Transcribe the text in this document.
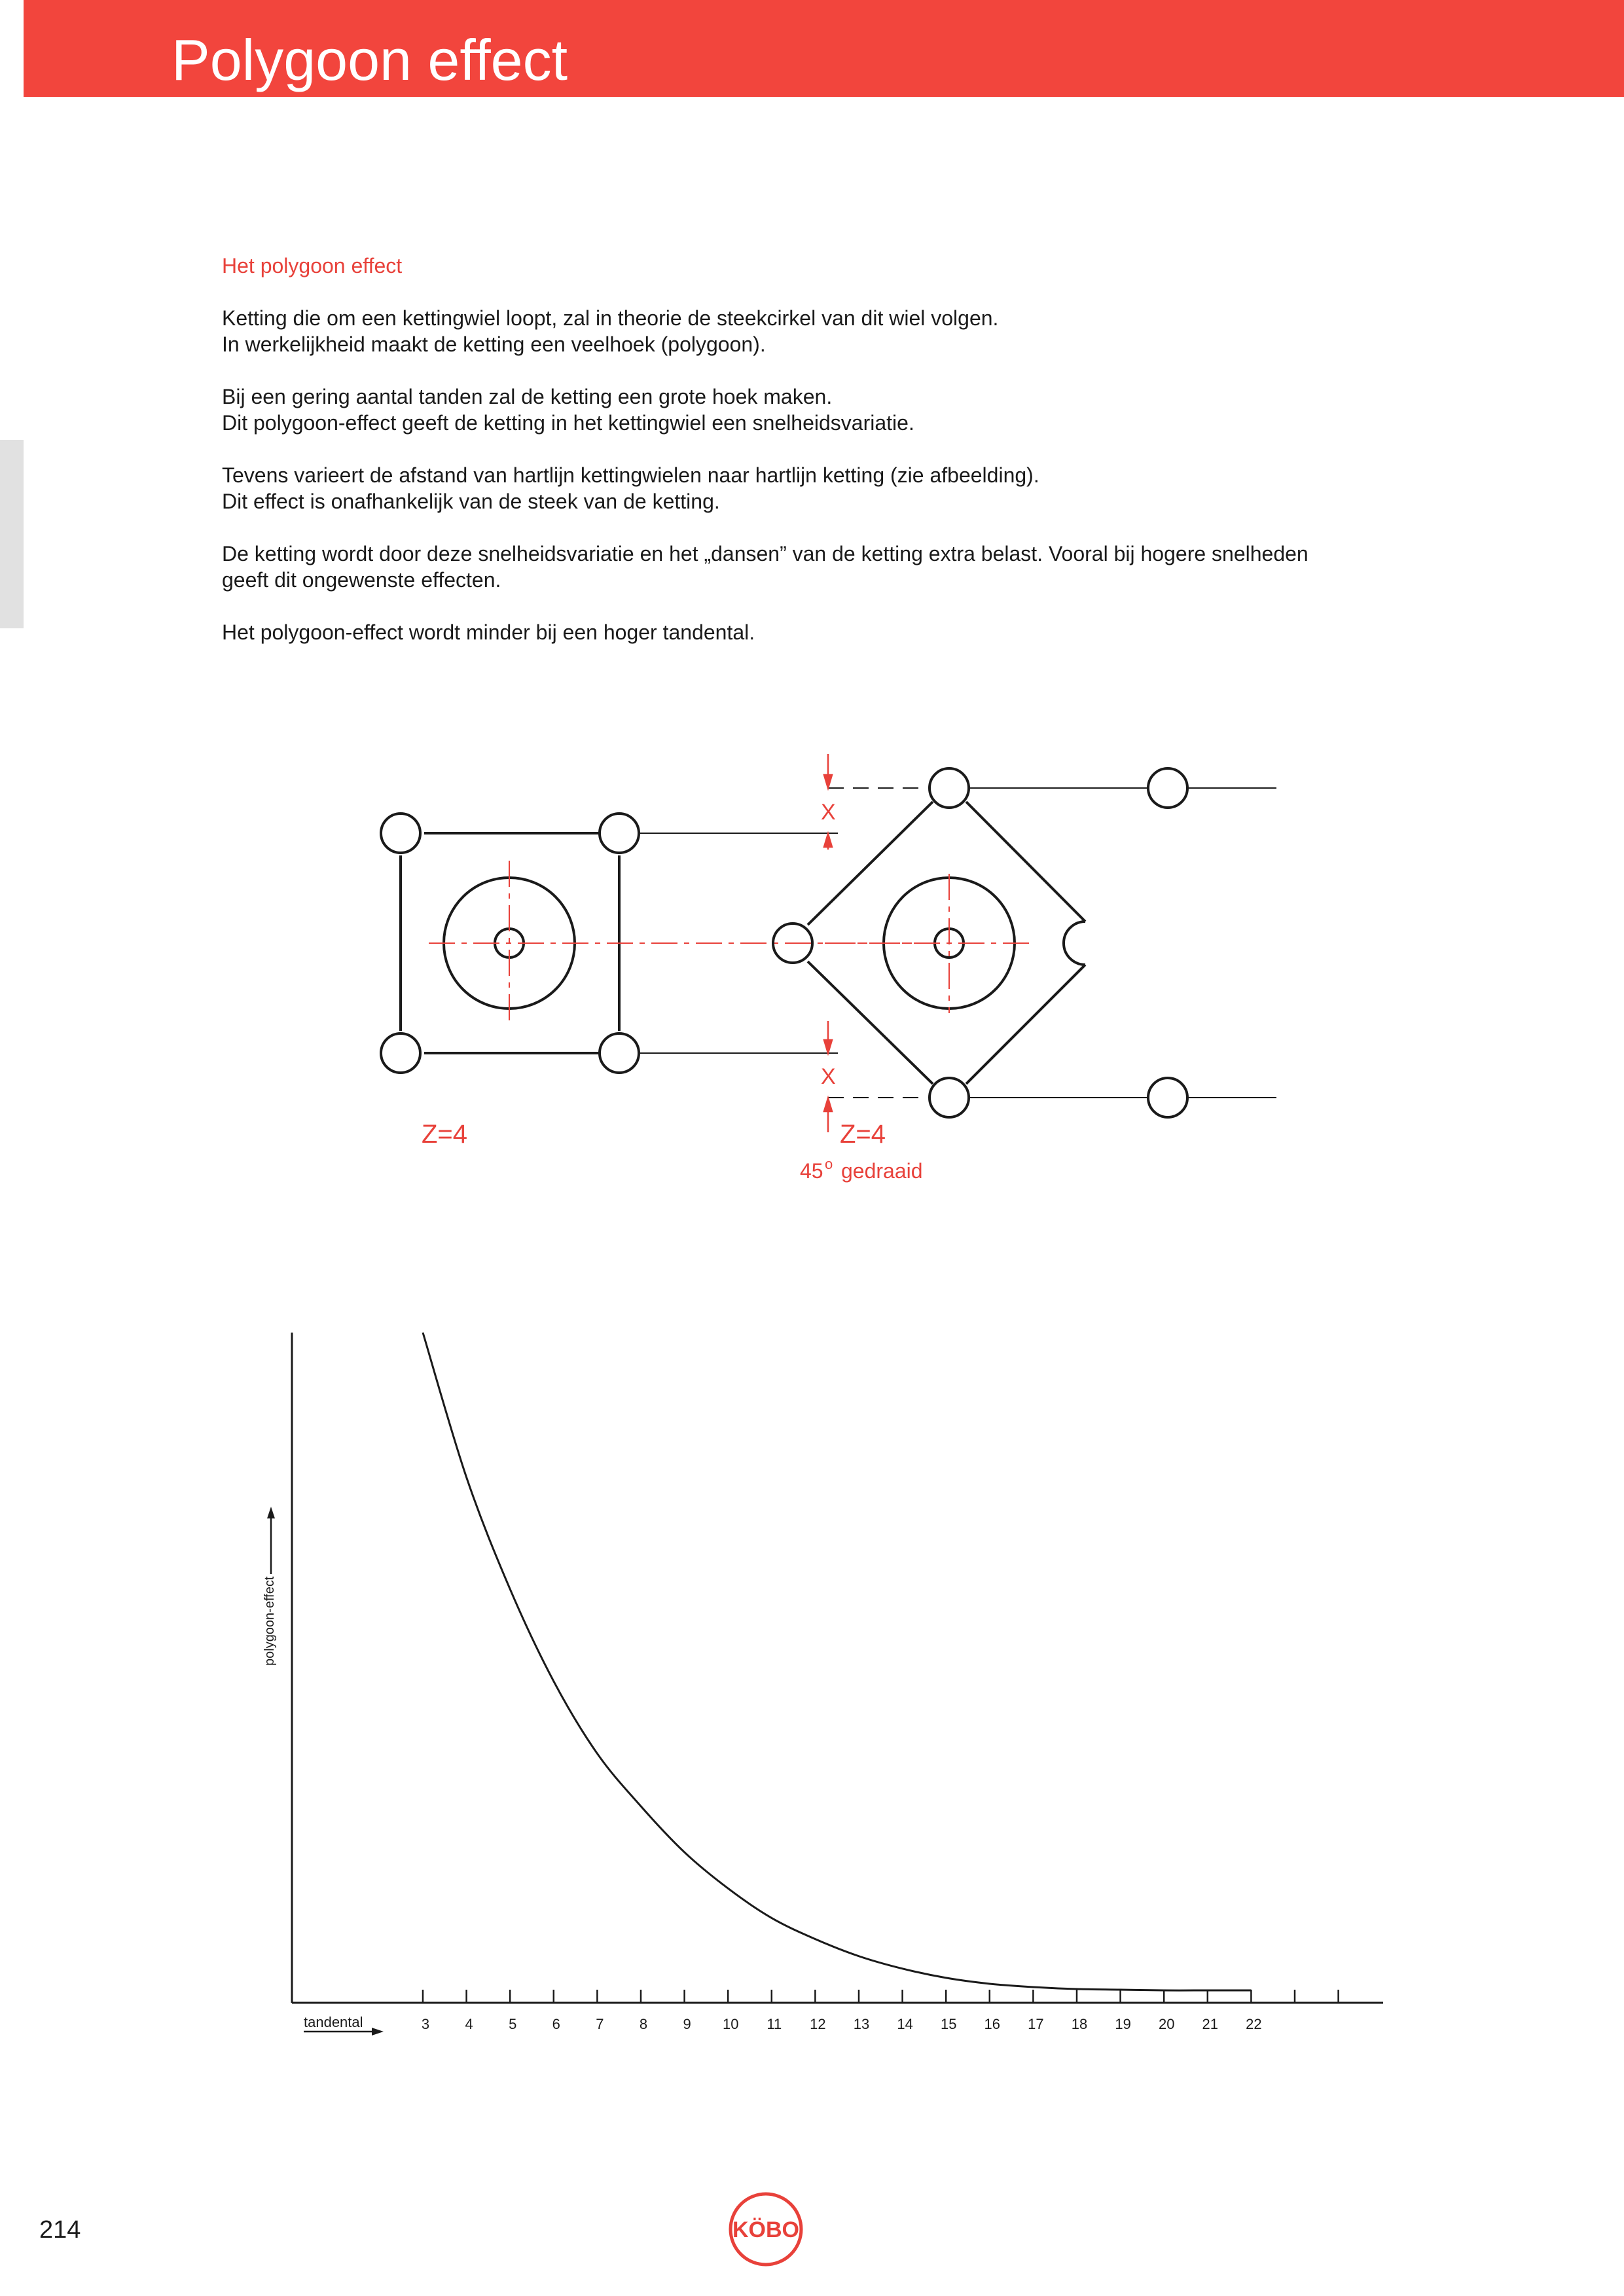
Polygoon effect
Het polygoon effect

Ketting die om een kettingwiel loopt, zal in theorie de steekcirkel van dit wiel volgen.
In werkelijkheid maakt de ketting een veelhoek (polygoon).

Bij een gering aantal tanden zal de ketting een grote hoek maken.
Dit polygoon-effect geeft de ketting in het kettingwiel een snelheidsvariatie.

Tevens varieert de afstand van hartlijn kettingwielen naar hartlijn ketting (zie afbeelding).
Dit effect is onafhankelijk van de steek van de ketting.

De ketting wordt door deze snelheidsvariatie en het „dansen” van de ketting extra belast. Vooral bij hogere snelheden
geeft dit ongewenste effecten.

Het polygoon-effect wordt minder bij een hoger tandental.

X
X
Z=4	Z=4
45 o gedraaid
3 4 5 6 7 8 9 10 11 12 13 14 15 16 17 18 19 20 21 22
polygoon-effect
tandental
214	KÖBO
